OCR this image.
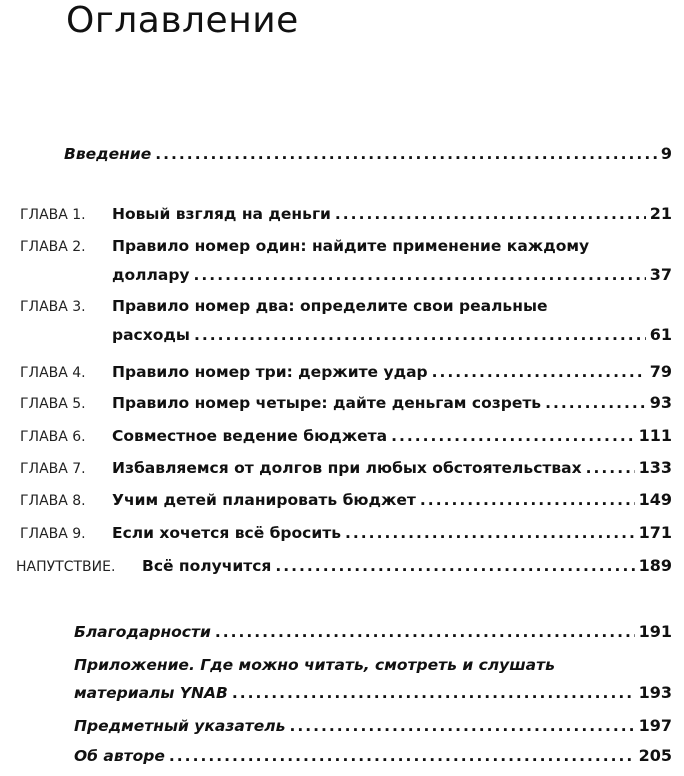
Оглавление
Введение .....	9
ГЛАВА 1.	Новый взгляд на деньги .....	21
ГЛАВА 2.	Правило номер один: найдите применение каждому
доллару .....	37
ГЛАВА 3.	Правило номер два: определите свои реальные
расходы .....	61
ГЛАВА 4.	Правило номер три: держите удар .....	79
ГЛАВА 5.	Правило номер четыре: дайте деньгам созреть .....	93
ГЛАВА 6.	Совместное ведение бюджета .....	111
ГЛАВА 7.	Избавляемся от долгов при любых обстоятельствах .....	133
ГЛАВА 8.	Учим детей планировать бюджет .....	149
ГЛАВА 9.	Если хочется всё бросить .....	171
НАПУТСТВИЕ.	Всё получится .....	189
Благодарности .....	191
Приложение. Где можно читать, смотреть и слушать
материалы YNAB .....	193
Предметный указатель .....	197
Об авторе .....	205
